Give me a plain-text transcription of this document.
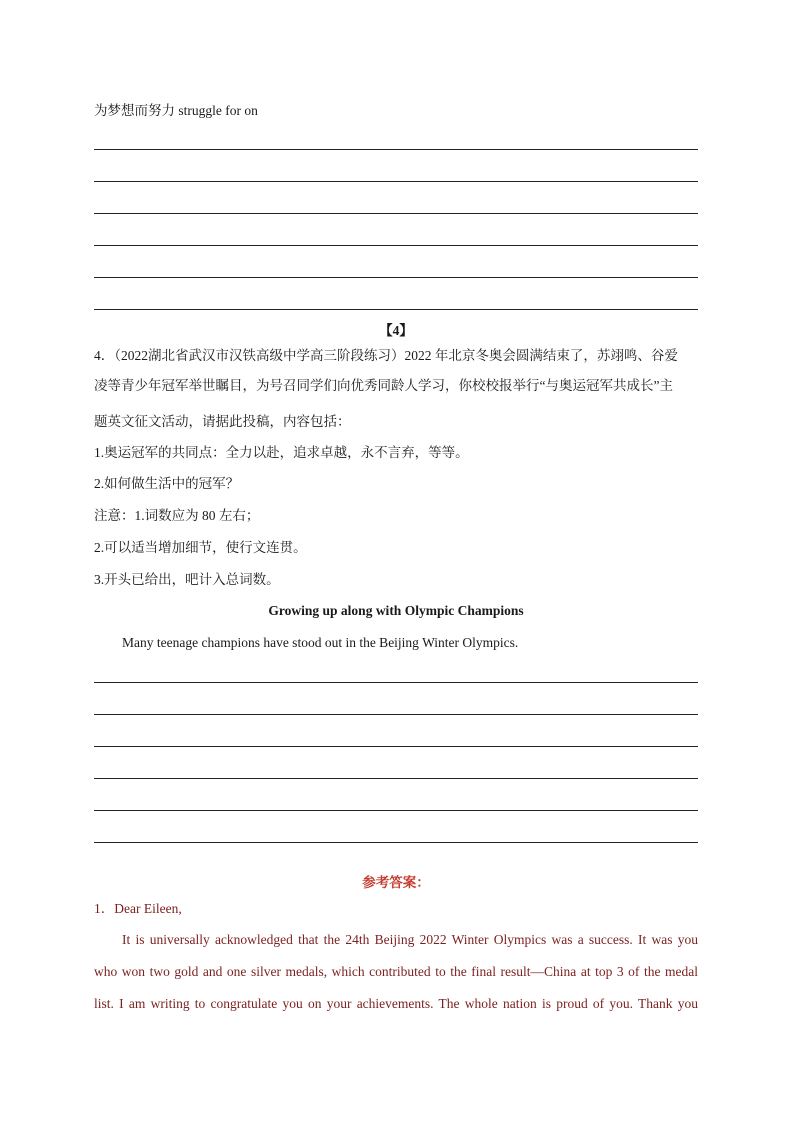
为梦想而努力 struggle for on
【4】
4．（2022湖北省武汉市汉铁高级中学高三阶段练习）2022 年北京冬奥会圆满结束了，苏翊鸣、谷爱
凌等青少年冠军举世瞩目，为号召同学们向优秀同龄人学习，你校校报举行“与奥运冠军共成长”主
题英文征文活动，请据此投稿，内容包括：
1.奥运冠军的共同点：全力以赴，追求卓越，永不言弃，等等。
2.如何做生活中的冠军？
注意：1.词数应为 80 左右；
2.可以适当增加细节，使行文连贯。
3.开头已给出，吧计入总词数。
Growing up along with Olympic Champions
Many teenage champions have stood out in the Beijing Winter Olympics.
参考答案：
1．Dear Eileen,
It is universally acknowledged that the 24th Beijing 2022 Winter Olympics was a success. It was you
who won two gold and one silver medals, which contributed to the final result—China at top 3 of the medal
list. I am writing to congratulate you on your achievements. The whole nation is proud of you. Thank you
